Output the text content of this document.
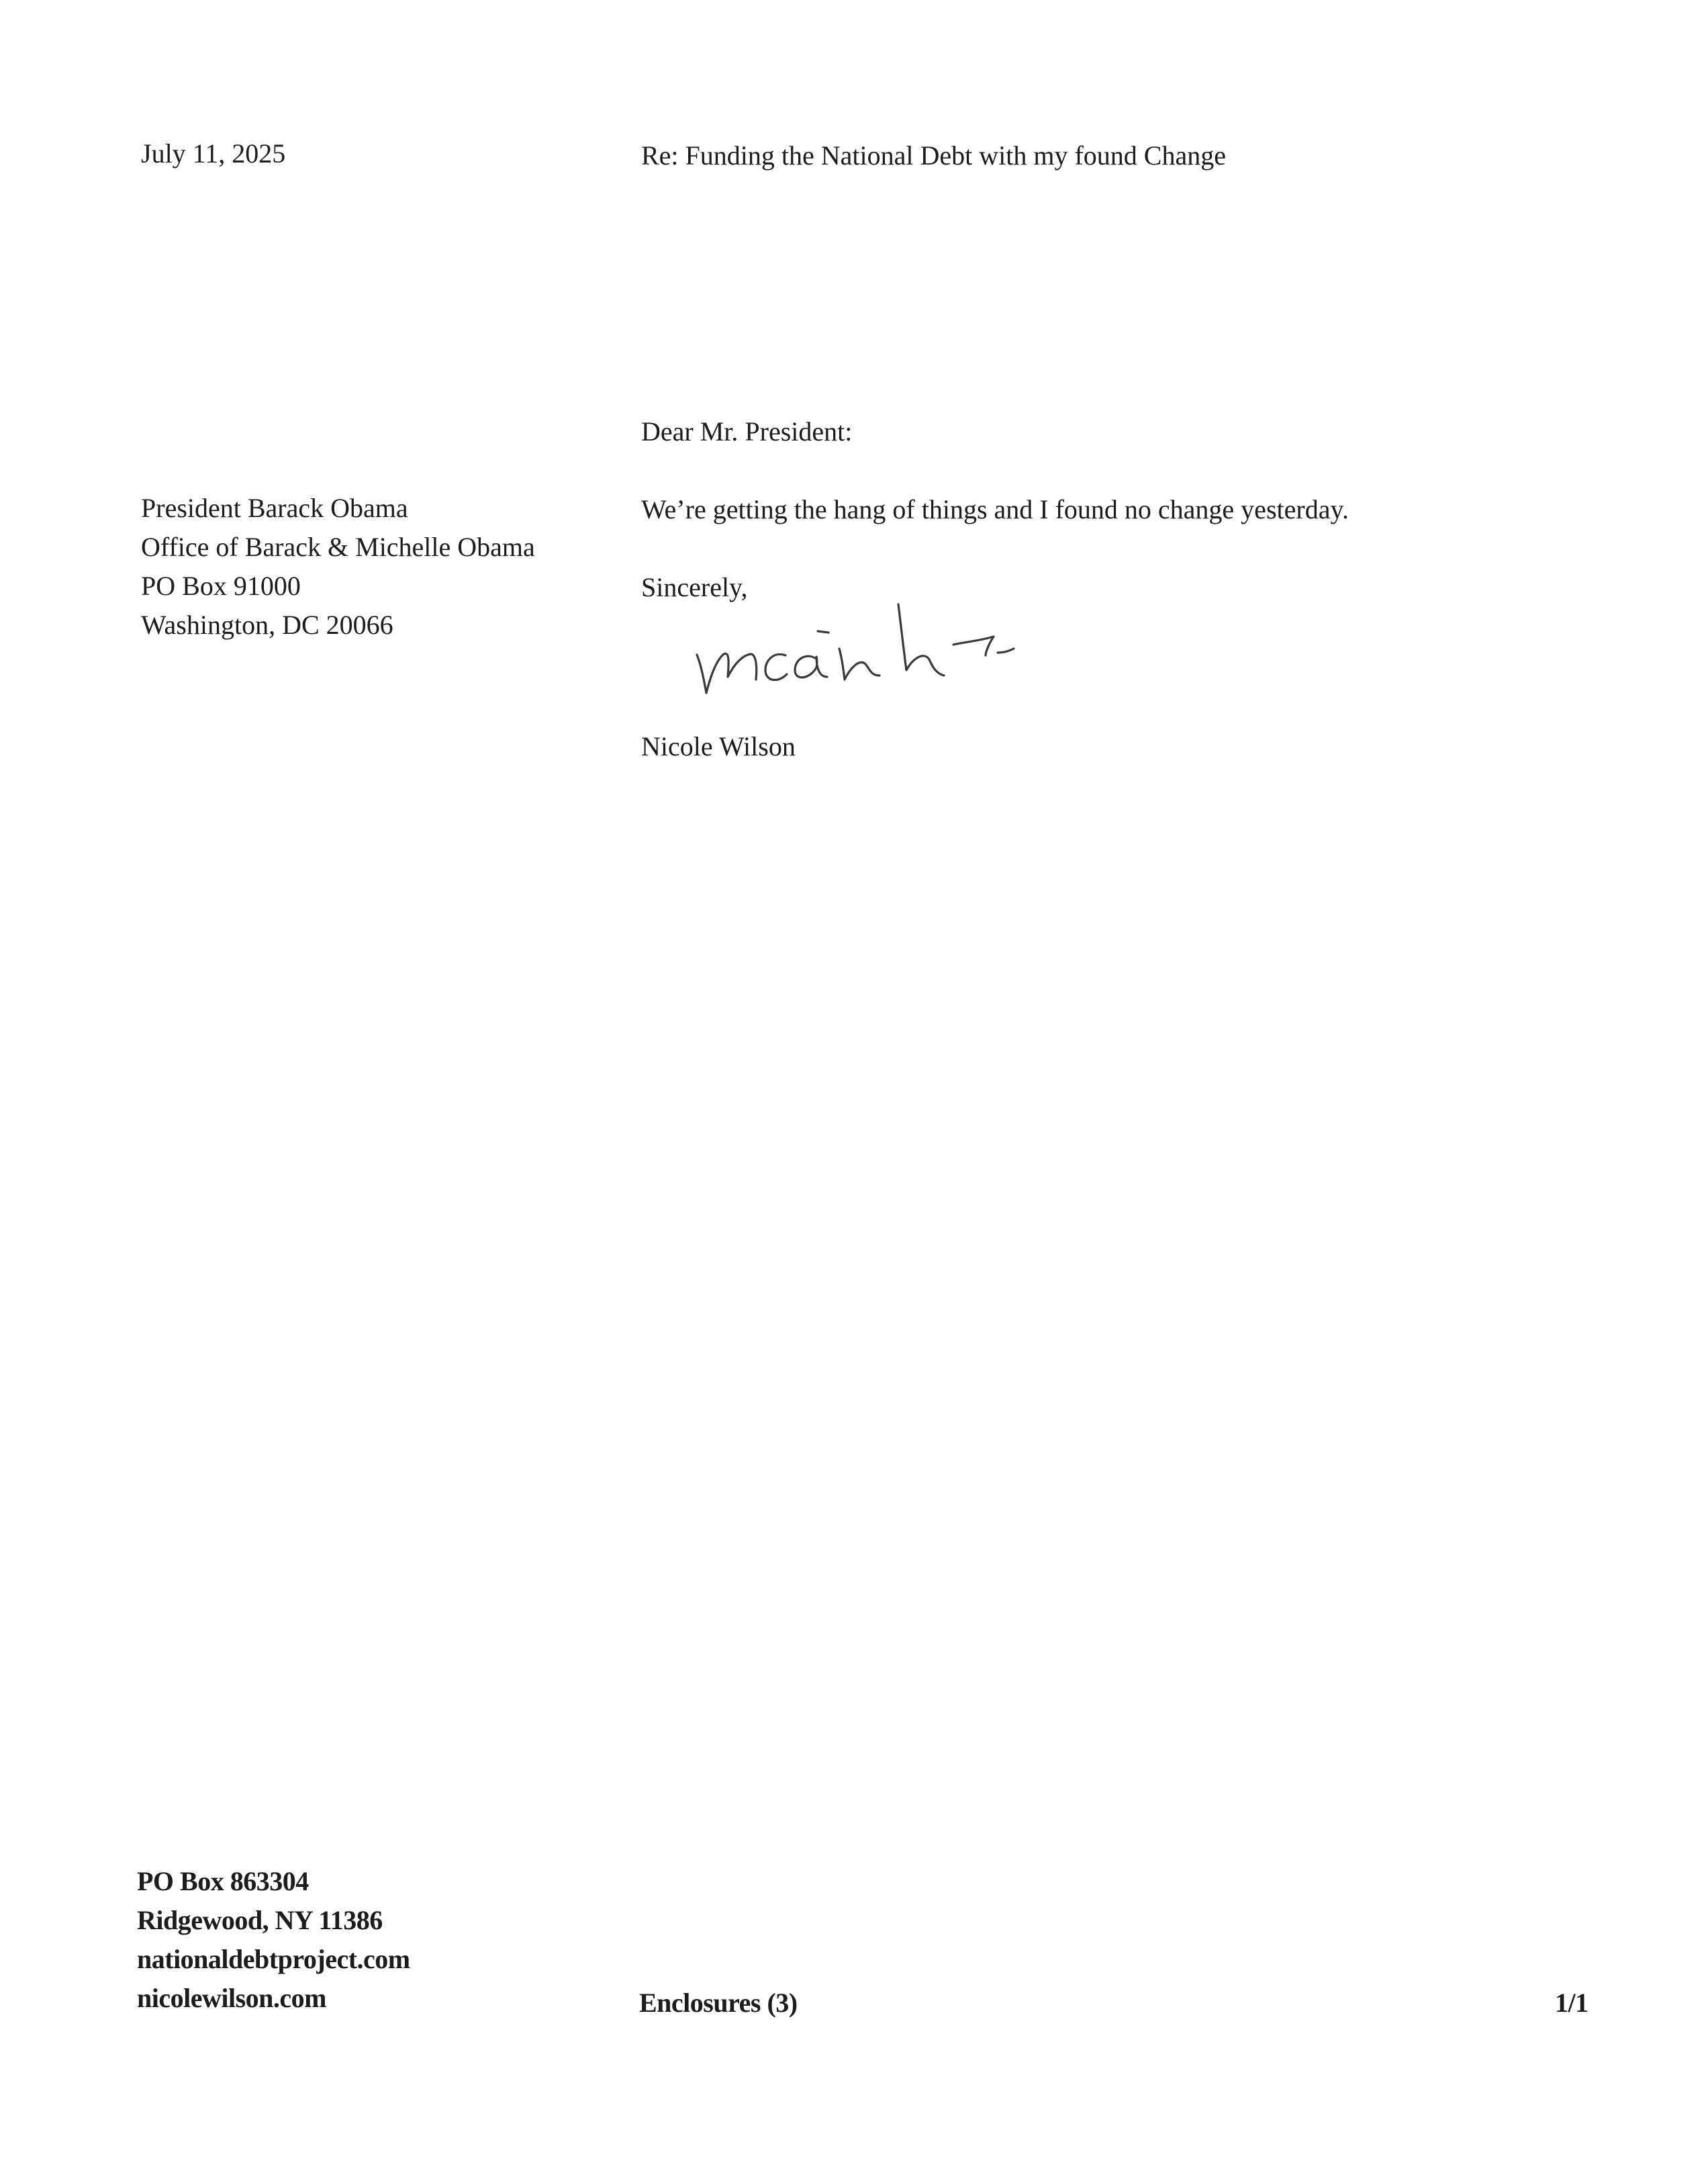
July 11, 2025	Re: Funding the National Debt with my found Change

Dear Mr. President:

President Barack Obama
Office of Barack & Michelle Obama
PO Box 91000
Washington, DC 20066

We’re getting the hang of things and I found no change yesterday.

Sincerely,

Nicole Wilson

PO Box 863304
Ridgewood, NY 11386
nationaldebtproject.com
nicolewilson.com	Enclosures (3)	1/1
